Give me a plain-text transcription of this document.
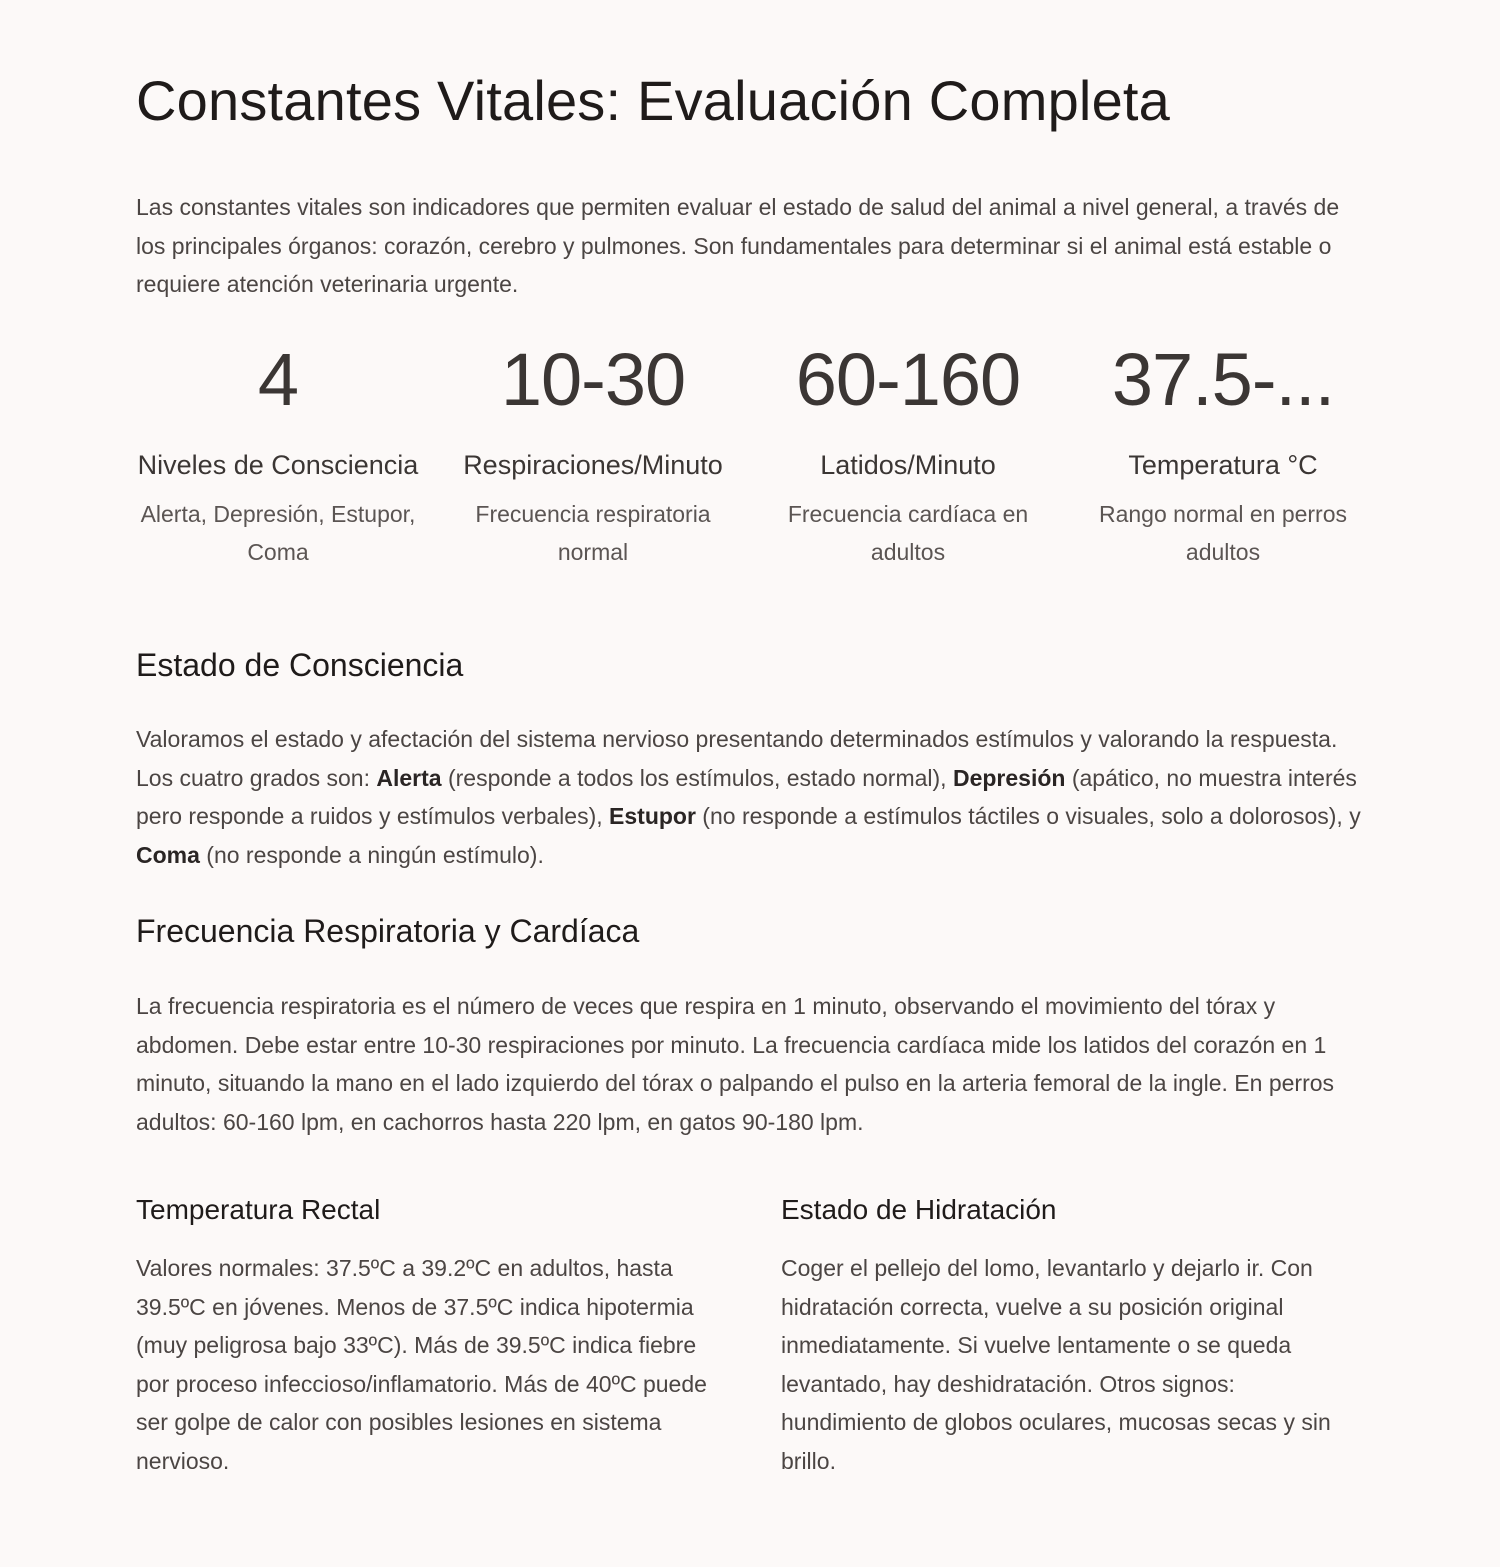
Constantes Vitales: Evaluación Completa

Las constantes vitales son indicadores que permiten evaluar el estado de salud del animal a nivel general, a través de los principales órganos: corazón, cerebro y pulmones. Son fundamentales para determinar si el animal está estable o requiere atención veterinaria urgente.

4
Niveles de Consciencia
Alerta, Depresión, Estupor, Coma
10-30
Respiraciones/Minuto
Frecuencia respiratoria normal
60-160
Latidos/Minuto
Frecuencia cardíaca en adultos
37.5-...
Temperatura °C
Rango normal en perros adultos
Estado de Consciencia

Valoramos el estado y afectación del sistema nervioso presentando determinados estímulos y valorando la respuesta. Los cuatro grados son: Alerta (responde a todos los estímulos, estado normal), Depresión (apático, no muestra interés pero responde a ruidos y estímulos verbales), Estupor (no responde a estímulos táctiles o visuales, solo a dolorosos), y Coma (no responde a ningún estímulo).

Frecuencia Respiratoria y Cardíaca

La frecuencia respiratoria es el número de veces que respira en 1 minuto, observando el movimiento del tórax y abdomen. Debe estar entre 10-30 respiraciones por minuto. La frecuencia cardíaca mide los latidos del corazón en 1 minuto, situando la mano en el lado izquierdo del tórax o palpando el pulso en la arteria femoral de la ingle. En perros adultos: 60-160 lpm, en cachorros hasta 220 lpm, en gatos 90-180 lpm.

Temperatura Rectal

Valores normales: 37.5ºC a 39.2ºC en adultos, hasta 39.5ºC en jóvenes. Menos de 37.5ºC indica hipotermia (muy peligrosa bajo 33ºC). Más de 39.5ºC indica fiebre por proceso infeccioso/inflamatorio. Más de 40ºC puede ser golpe de calor con posibles lesiones en sistema nervioso.

Estado de Hidratación

Coger el pellejo del lomo, levantarlo y dejarlo ir. Con hidratación correcta, vuelve a su posición original inmediatamente. Si vuelve lentamente o se queda levantado, hay deshidratación. Otros signos: hundimiento de globos oculares, mucosas secas y sin brillo.
